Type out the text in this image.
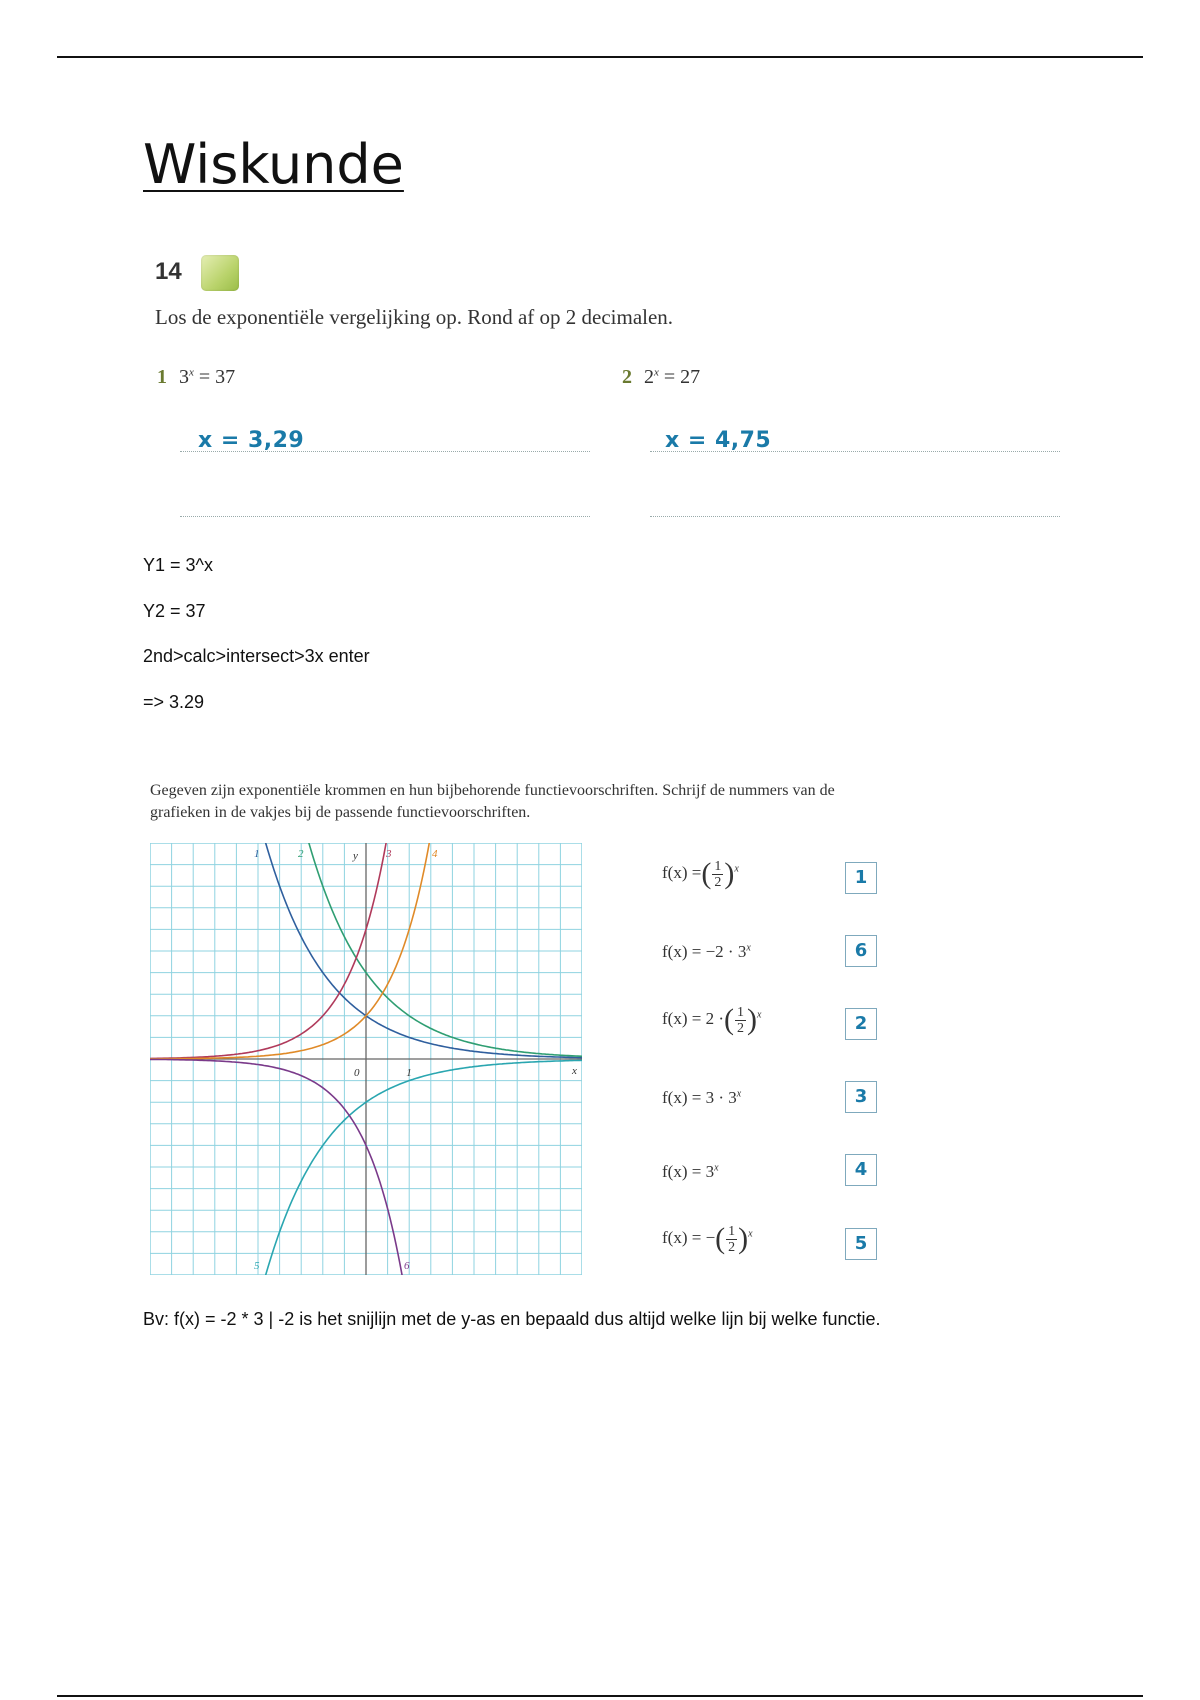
Wiskunde
14
Los de exponentiële vergelijking op. Rond af op 2 decimalen.
1 $3^x = 37$	2 $2^x = 27$
x = 3,29	x = 4,75
Y1 = 3^x
Y2 = 37
2nd>calc>intersect>3x enter
=> 3.29
Gegeven zijn exponentiële krommen en hun bijbehorende functievoorschriften. Schrijf de nummers van de grafieken in de vakjes bij de passende functievoorschriften.
y
x
0	1
1	2	3	4
5	6
f(x) =( $\frac{1}{2} )^x$	1
$f(x) = -2 \cdot 3^x$	6
f(x) = 2 ·( $\frac{1}{2} )^x$	2
$f(x) = 3 \cdot 3^x$	3
$f(x) = 3^x$	4
f(x) = −( $\frac{1}{2} )^x$	5
Bv: f(x) = -2 * 3 | -2 is het snijlijn met de y-as en bepaald dus altijd welke lijn bij welke functie.
